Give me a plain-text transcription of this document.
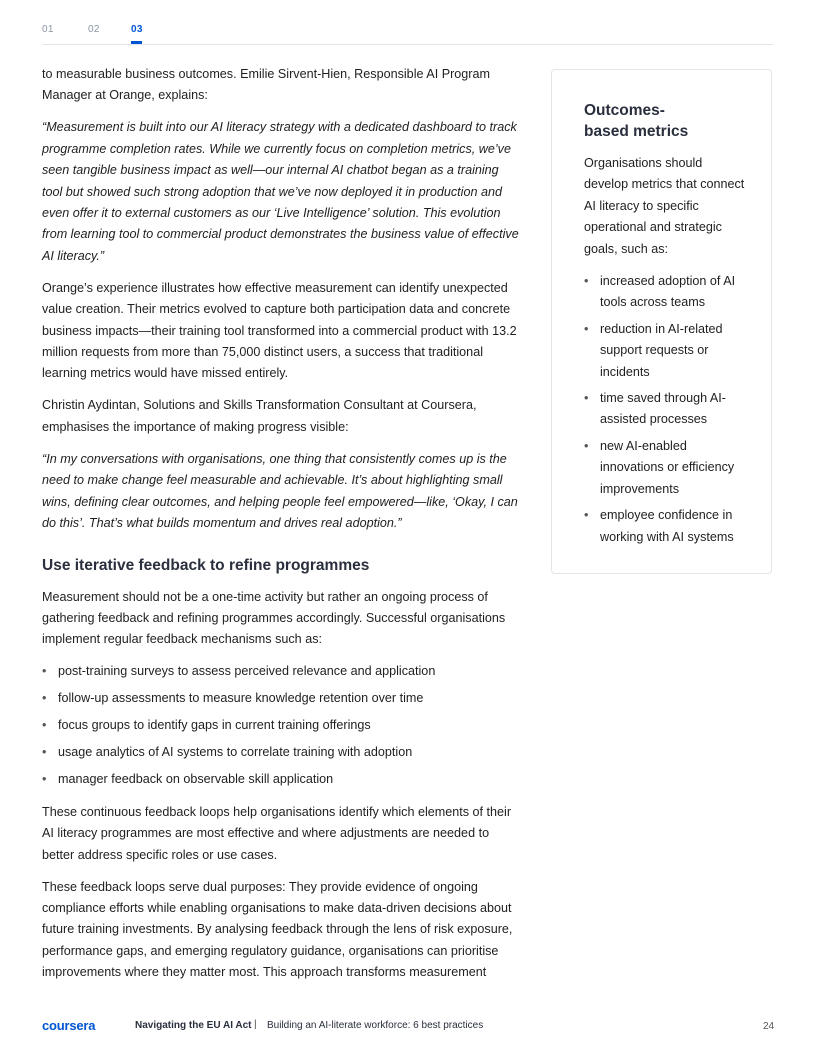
01	02	03

to measurable business outcomes. Emilie Sirvent-Hien, Responsible AI Program Manager at Orange, explains:

“Measurement is built into our AI literacy strategy with a dedicated dashboard to track programme completion rates. While we currently focus on completion metrics, we’ve seen tangible business impact as well—our internal AI chatbot began as a training tool but showed such strong adoption that we’ve now deployed it in production and even offer it to external customers as our ‘Live Intelligence’ solution. This evolution from learning tool to commercial product demonstrates the business value of effective AI literacy.”

Orange’s experience illustrates how effective measurement can identify unexpected value creation. Their metrics evolved to capture both participation data and concrete business impacts—their training tool transformed into a commercial product with 13.2 million requests from more than 75,000 distinct users, a success that traditional learning metrics would have missed entirely.

Christin Aydintan, Solutions and Skills Transformation Consultant at Coursera, emphasises the importance of making progress visible:

“In my conversations with organisations, one thing that consistently comes up is the need to make change feel measurable and achievable. It’s about highlighting small wins, defining clear outcomes, and helping people feel empowered—like, ‘Okay, I can do this’. That’s what builds momentum and drives real adoption.”

Use iterative feedback to refine programmes

Measurement should not be a one-time activity but rather an ongoing process of gathering feedback and refining programmes accordingly. Successful organisations implement regular feedback mechanisms such as:

• post-training surveys to assess perceived relevance and application
• follow-up assessments to measure knowledge retention over time
• focus groups to identify gaps in current training offerings
• usage analytics of AI systems to correlate training with adoption
• manager feedback on observable skill application

These continuous feedback loops help organisations identify which elements of their AI literacy programmes are most effective and where adjustments are needed to better address specific roles or use cases.

These feedback loops serve dual purposes: They provide evidence of ongoing compliance efforts while enabling organisations to make data-driven decisions about future training investments. By analysing feedback through the lens of risk exposure, performance gaps, and emerging regulatory guidance, organisations can prioritise improvements where they matter most. This approach transforms measurement

Outcomes-
based metrics

Organisations should develop metrics that connect AI literacy to specific operational and strategic goals, such as:

• increased adoption of AI tools across teams
• reduction in AI-related support requests or incidents
• time saved through AI-assisted processes
• new AI-enabled innovations or efficiency improvements
• employee confidence in working with AI systems
coursera	Navigating the EU AI Act | Building an AI-literate workforce: 6 best practices	24
